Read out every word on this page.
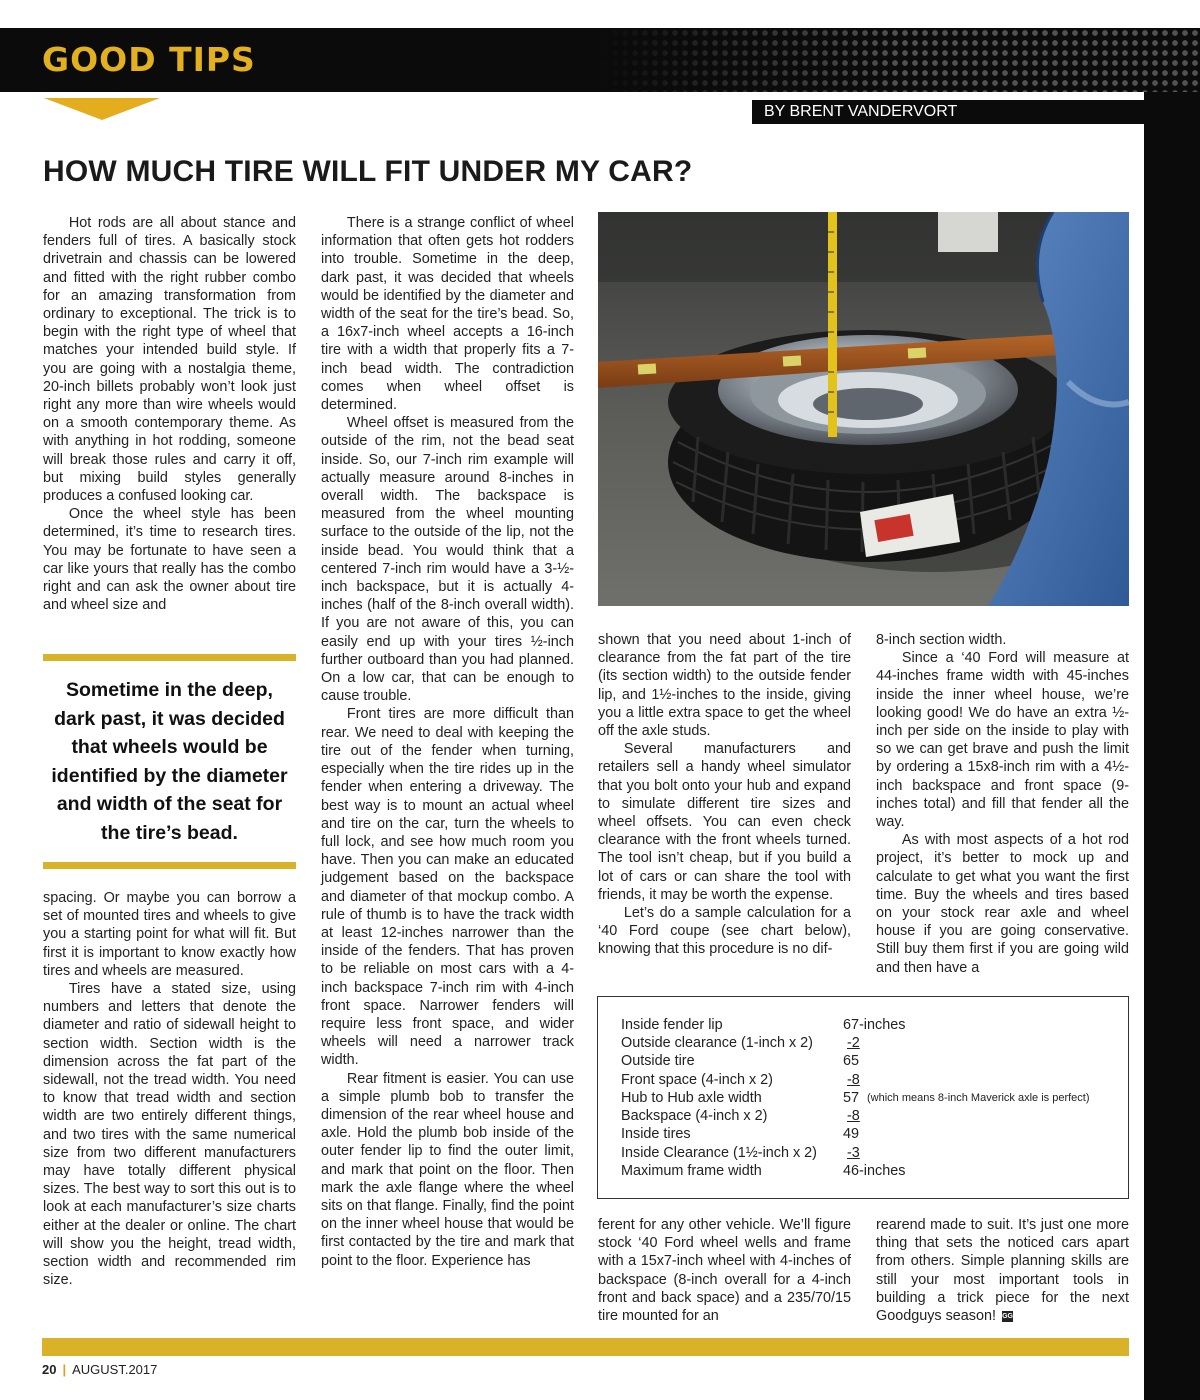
GOOD TIPS
BY BRENT VANDERVORT
HOW MUCH TIRE WILL FIT UNDER MY CAR?

Hot rods are all about stance and fenders full of tires. A basically stock drivetrain and chassis can be lowered and fitted with the right rubber combo for an amazing transformation from ordinary to exceptional. The trick is to begin with the right type of wheel that matches your intended build style. If you are going with a nostalgia theme, 20-inch billets probably won’t look just right any more than wire wheels would on a smooth contemporary theme. As with anything in hot rodding, someone will break those rules and carry it off, but mixing build styles generally produces a confused looking car.

Once the wheel style has been determined, it’s time to research tires. You may be fortunate to have seen a car like yours that really has the combo right and can ask the owner about tire and wheel size and

Sometime in the deep, dark past, it was decided that wheels would be identified by the diameter and width of the seat for the tire’s bead.

spacing. Or maybe you can borrow a set of mounted tires and wheels to give you a starting point for what will fit. But first it is important to know exactly how tires and wheels are measured.

Tires have a stated size, using numbers and letters that denote the diameter and ratio of sidewall height to section width. Section width is the dimension across the fat part of the sidewall, not the tread width. You need to know that tread width and section width are two entirely different things, and two tires with the same numerical size from two different manufacturers may have totally different physical sizes. The best way to sort this out is to look at each manufacturer’s size charts either at the dealer or online. The chart will show you the height, tread width, section width and recommended rim size.

There is a strange conflict of wheel information that often gets hot rodders into trouble. Sometime in the deep, dark past, it was decided that wheels would be identified by the diameter and width of the seat for the tire’s bead. So, a 16x7-inch wheel accepts a 16-inch tire with a width that properly fits a 7-inch bead width. The contradiction comes when wheel offset is determined.

Wheel offset is measured from the outside of the rim, not the bead seat inside. So, our 7-inch rim example will actually measure around 8-inches in overall width. The backspace is measured from the wheel mounting surface to the outside of the lip, not the inside bead. You would think that a centered 7-inch rim would have a 3-½-inch backspace, but it is actually 4-inches (half of the 8-inch overall width). If you are not aware of this, you can easily end up with your tires ½-inch further outboard than you had planned. On a low car, that can be enough to cause trouble.

Front tires are more difficult than rear. We need to deal with keeping the tire out of the fender when turning, especially when the tire rides up in the fender when entering a driveway. The best way is to mount an actual wheel and tire on the car, turn the wheels to full lock, and see how much room you have. Then you can make an educated judgement based on the backspace and diameter of that mockup combo. A rule of thumb is to have the track width at least 12-inches narrower than the inside of the fenders. That has proven to be reliable on most cars with a 4-inch backspace 7-inch rim with 4-inch front space. Narrower fenders will require less front space, and wider wheels will need a narrower track width.

Rear fitment is easier. You can use a simple plumb bob to transfer the dimension of the rear wheel house and axle. Hold the plumb bob inside of the outer fender lip to find the outer limit, and mark that point on the floor. Then mark the axle flange where the wheel sits on that flange. Finally, find the point on the inner wheel house that would be first contacted by the tire and mark that point to the floor. Experience has

shown that you need about 1-inch of clearance from the fat part of the tire (its section width) to the outside fender lip, and 1½-inches to the inside, giving you a little extra space to get the wheel off the axle studs.

Several manufacturers and retailers sell a handy wheel simulator that you bolt onto your hub and expand to simulate different tire sizes and wheel offsets. You can even check clearance with the front wheels turned. The tool isn’t cheap, but if you build a lot of cars or can share the tool with friends, it may be worth the expense.

Let’s do a sample calculation for a ‘40 Ford coupe (see chart below), knowing that this procedure is no dif-

8-inch section width.

Since a ‘40 Ford will measure at 44-inches frame width with 45-inches inside the inner wheel house, we’re looking good! We do have an extra ½-inch per side on the inside to play with so we can get brave and push the limit by ordering a 15x8-inch rim with a 4½-inch backspace and front space (9-inches total) and fill that fender all the way.

As with most aspects of a hot rod project, it’s better to mock up and calculate to get what you want the first time. Buy the wheels and tires based on your stock rear axle and wheel house if you are going conservative. Still buy them first if you are going wild and then have a

Inside fender lip	67-inches
Outside clearance (1-inch x 2) -2
Outside tire	65
Front space (4-inch x 2)	-8
Hub to Hub axle width	57 (which means 8-inch Maverick axle is perfect)
Backspace (4-inch x 2)	-8
Inside tires	49
Inside Clearance (1½-inch x 2) -3
Maximum frame width	46-inches

ferent for any other vehicle. We’ll figure stock ‘40 Ford wheel wells and frame with a 15x7-inch wheel with 4-inches of backspace (8-inch overall for a 4-inch front and back space) and a 235/70/15 tire mounted for an

rearend made to suit. It’s just one more thing that sets the noticed cars apart from others. Simple planning skills are still your most important tools in building a trick piece for the next Goodguys season! GG

20 | AUGUST.2017
